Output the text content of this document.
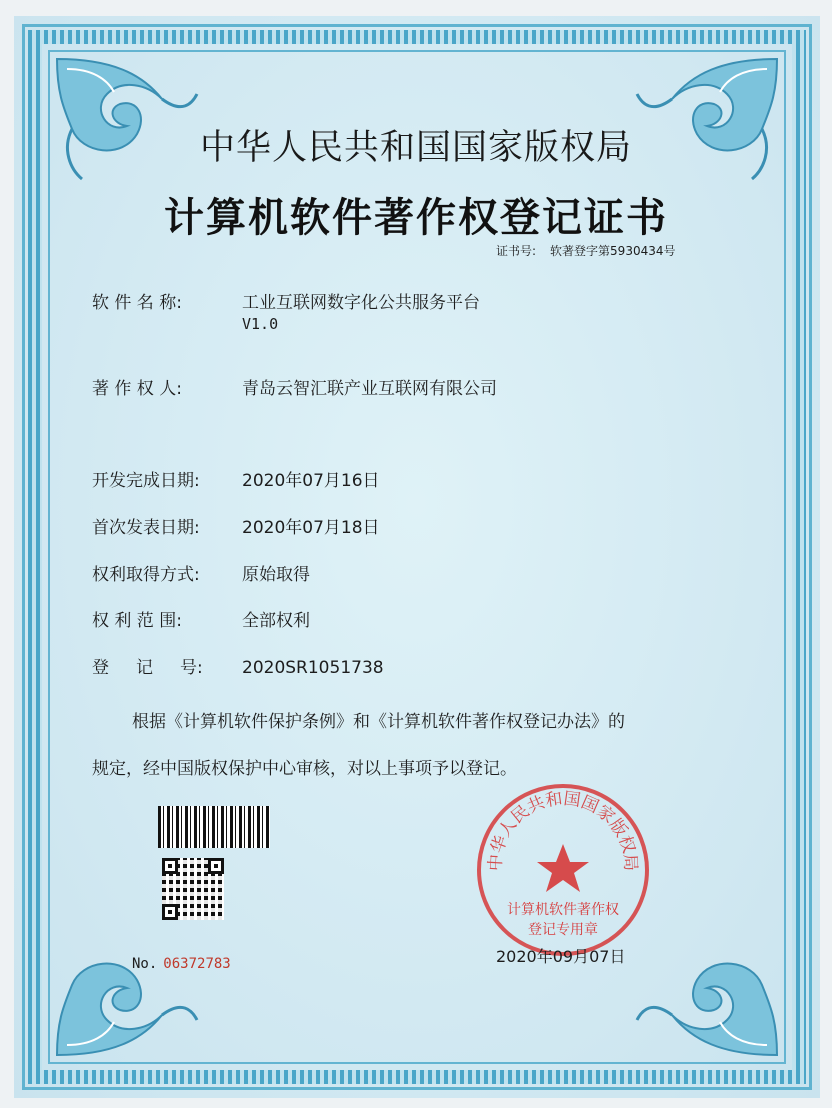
中华人民共和国国家版权局
计算机软件著作权登记证书
证书号: 软著登字第5930434号
软 件 名 称:	工业互联网数字化公共服务平台
V1.0
著 作 权 人:	青岛云智汇联产业互联网有限公司
开发完成日期: 2020年07月16日
首次发表日期: 2020年07月18日
权利取得方式: 原始取得
权 利 范 围:	全部权利
登     记     号: 2020SR1051738
根据《计算机软件保护条例》和《计算机软件著作权登记办法》的
规定，经中国版权保护中心审核，对以上事项予以登记。
No. 06372783
中华人民共和国国家版权局
计算机软件著作权
登记专用章
2020年09月07日
